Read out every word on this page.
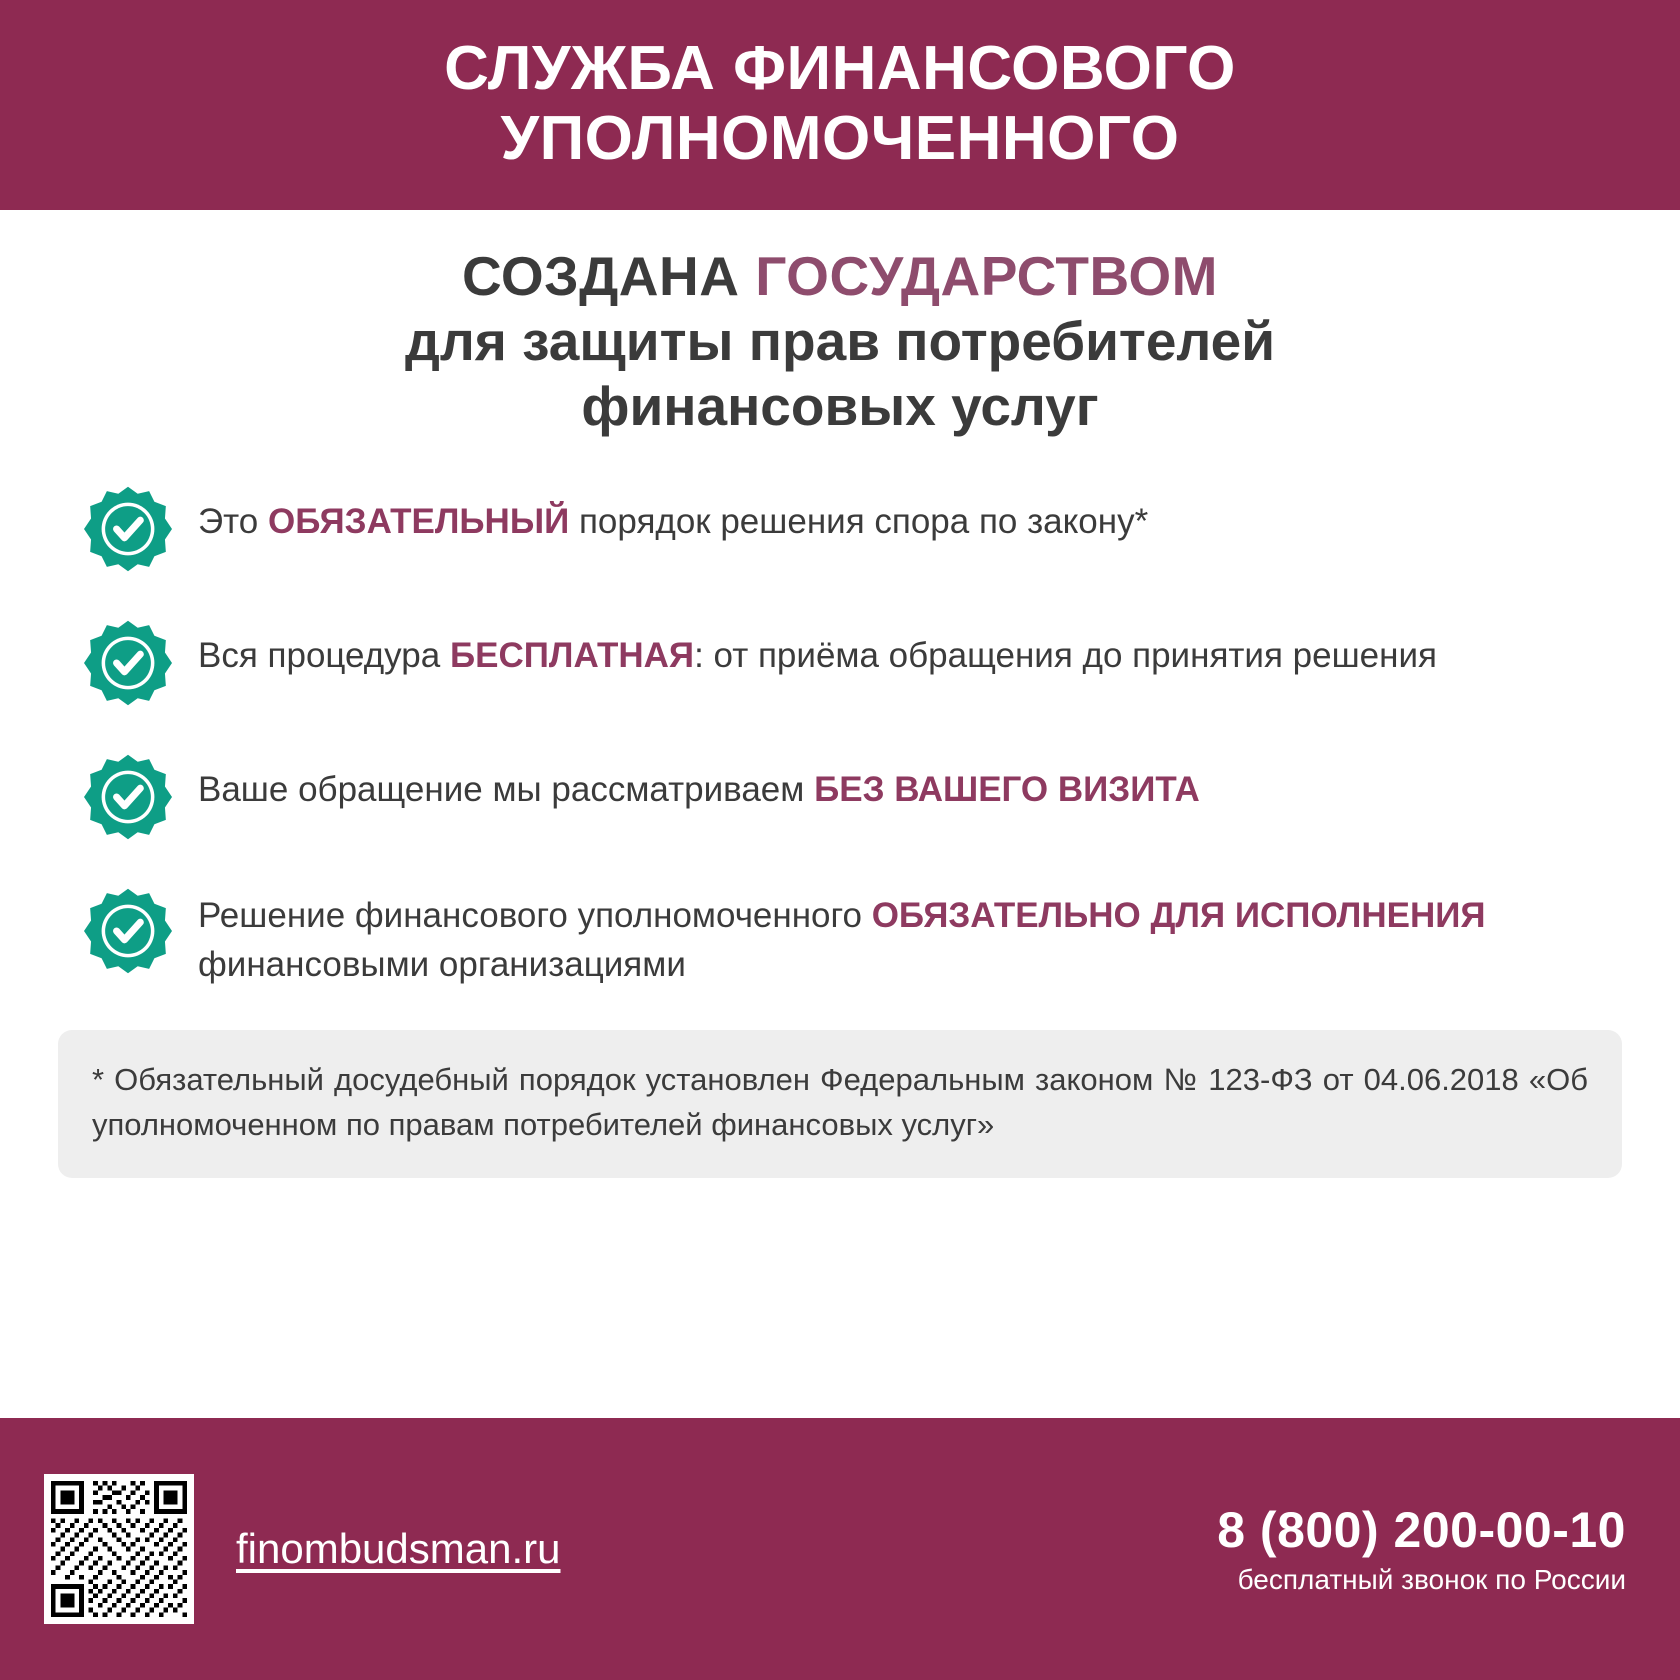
СЛУЖБА ФИНАНСОВОГО
УПОЛНОМОЧЕННОГО
СОЗДАНА ГОСУДАРСТВОМ
для защиты прав потребителей
финансовых услуг
Это ОБЯЗАТЕЛЬНЫЙ порядок решения спора по закону*
Вся процедура БЕСПЛАТНАЯ: от приёма обращения до принятия решения
Ваше обращение мы рассматриваем БЕЗ ВАШЕГО ВИЗИТА
Решение финансового уполномоченного ОБЯЗАТЕЛЬНО ДЛЯ ИСПОЛНЕНИЯ финансовыми организациями
* Обязательный досудебный порядок установлен Федеральным законом № 123-ФЗ от 04.06.2018 «Об уполномоченном по правам потребителей финансовых услуг»
finombudsman.ru	8 (800) 200-00-10
бесплатный звонок по России
